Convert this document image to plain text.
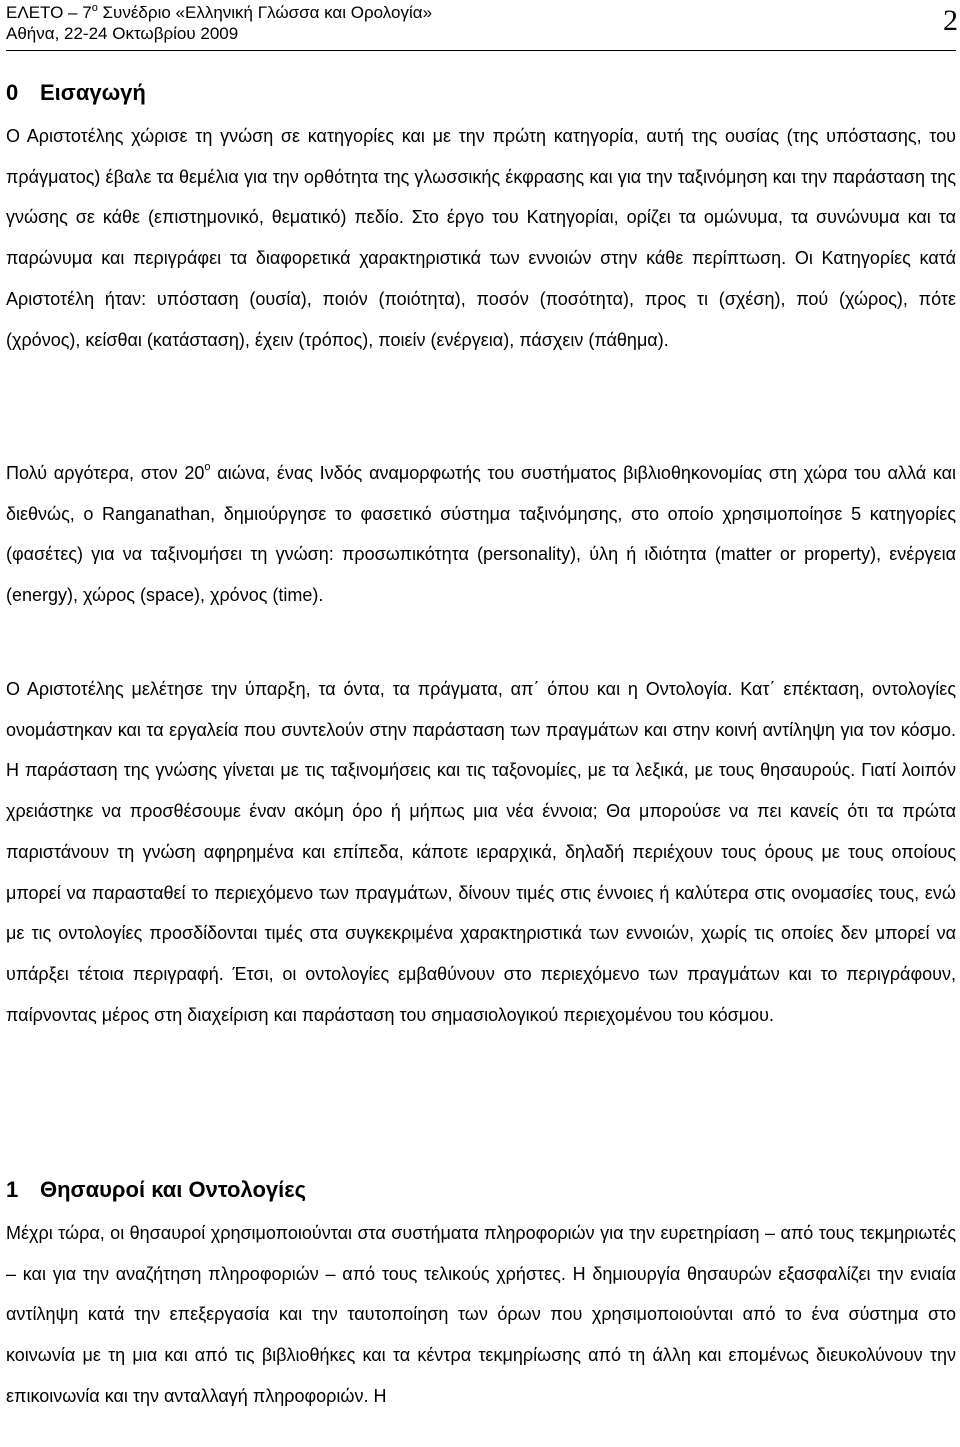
ΕΛΕΤΟ – $7^o$ Συνέδριο «Ελληνική Γλώσσα και Ορολογία»
Αθήνα, 22-24 Οκτωβρίου 2009	2
0 Εισαγωγή

Ο Αριστοτέλης χώρισε τη γνώση σε κατηγορίες και με την πρώτη κατηγορία, αυτή της ουσίας (της υπόστασης, του πράγματος) έβαλε τα θεμέλια για την ορθότητα της γλωσσικής έκφρασης και για την ταξινόμηση και την παράσταση της γνώσης σε κάθε (επιστημονικό, θεματικό) πεδίο. Στο έργο του Κατηγορίαι, ορίζει τα ομώνυμα, τα συνώνυμα και τα παρώνυμα και περιγράφει τα διαφορετικά χαρακτηριστικά των εννοιών στην κάθε περίπτωση. Οι Κατηγορίες κατά Αριστοτέλη ήταν: υπόσταση (ουσία), ποιόν (ποιότητα), ποσόν (ποσότητα), προς τι (σχέση), πού (χώρος), πότε (χρόνος), κείσθαι (κατάσταση), έχειν (τρόπος), ποιείν (ενέργεια), πάσχειν (πάθημα).

Πολύ αργότερα, στον $20^o$ αιώνα, ένας Ινδός αναμορφωτής του συστήματος βιβλιοθηκονομίας στη χώρα του αλλά και διεθνώς, ο Ranganathan, δημιούργησε το φασετικό σύστημα ταξινόμησης, στο οποίο χρησιμοποίησε 5 κατηγορίες (φασέτες) για να ταξινομήσει τη γνώση: προσωπικότητα (personality), ύλη ή ιδιότητα (matter or property), ενέργεια (energy), χώρος (space), χρόνος (time).

Ο Αριστοτέλης μελέτησε την ύπαρξη, τα όντα, τα πράγματα, απ΄ όπου και η Οντολογία. Κατ΄ επέκταση, οντολογίες ονομάστηκαν και τα εργαλεία που συντελούν στην παράσταση των πραγμάτων και στην κοινή αντίληψη για τον κόσμο. Η παράσταση της γνώσης γίνεται με τις ταξινομήσεις και τις ταξονομίες, με τα λεξικά, με τους θησαυρούς. Γιατί λοιπόν χρειάστηκε να προσθέσουμε έναν ακόμη όρο ή μήπως μια νέα έννοια; Θα μπορούσε να πει κανείς ότι τα πρώτα παριστάνουν τη γνώση αφηρημένα και επίπεδα, κάποτε ιεραρχικά, δηλαδή περιέχουν τους όρους με τους οποίους μπορεί να παρασταθεί το περιεχόμενο των πραγμάτων, δίνουν τιμές στις έννοιες ή καλύτερα στις ονομασίες τους, ενώ με τις οντολογίες προσδίδονται τιμές στα συγκεκριμένα χαρακτηριστικά των εννοιών, χωρίς τις οποίες δεν μπορεί να υπάρξει τέτοια περιγραφή. Έτσι, οι οντολογίες εμβαθύνουν στο περιεχόμενο των πραγμάτων και το περιγράφουν, παίρνοντας μέρος στη διαχείριση και παράσταση του σημασιολογικού περιεχομένου του κόσμου.

1 Θησαυροί και Οντολογίες

Μέχρι τώρα, οι θησαυροί χρησιμοποιούνται στα συστήματα πληροφοριών για την ευρετηρίαση – από τους τεκμηριωτές – και για την αναζήτηση πληροφοριών – από τους τελικούς χρήστες. Η δημιουργία θησαυρών εξασφαλίζει την ενιαία αντίληψη κατά την επεξεργασία και την ταυτοποίηση των όρων που χρησιμοποιούνται από το ένα σύστημα στο κοινωνία με τη μια και από τις βιβλιοθήκες και τα κέντρα τεκμηρίωσης από τη άλλη και επομένως διευκολύνουν την επικοινωνία και την ανταλλαγή πληροφοριών. Η
